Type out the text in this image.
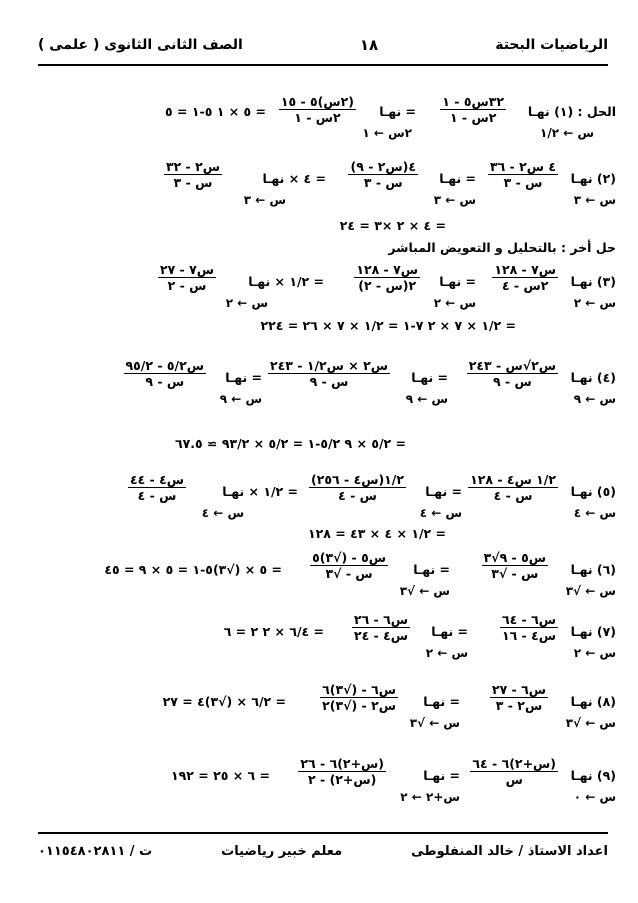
الرياضيات البحتة
١٨
الصف الثانى الثانوى ( علمى )
الحل : (١) نهـا
س ← ١/٢
٣٢س٥ - ١
٢س - ١
= نهـا
٢س ← ١
(٢س)٥ - ١٥
٢س - ١
= ٥ × ١ ٥-١ = ٥
(٢) نهـا
س ← ٣
٤ س٢ - ٣٦
س - ٣
= نهـا
س ← ٣
٤(س٢ - ٩)
س - ٣
= ٤ × نهـا
س ← ٣
س٢ - ٣٢
س - ٣
= ٤ × ٢ ×٣ = ٢٤
حل أخر : بالتحليل و التعويض المباشر
(٣) نهـا
س ← ٢
س٧ - ١٢٨
٢س - ٤
= نهـا
س ← ٢
س٧ - ١٢٨
٢(س - ٢)
= ١/٢ × نهـا
س ← ٢
س٧ - ٢٧
س - ٢
= ١/٢ × ٧ × ٢ ٧-١ = ١/٢ × ٧ × ٢٦ = ٢٢٤
(٤) نهـا
س ← ٩
س٢√س - ٢٤٣
س - ٩
= نهـا
س ← ٩
س٢ × س١/٢ - ٢٤٣
س - ٩
= نهـا
س ← ٩
س٥/٢ - ٩٥/٢
س - ٩
= ٥/٢ × ٩ ٥/٢-١ = ٥/٢ × ٩٣/٢ ≃ ٦٧.٥
(٥) نهـا
س ← ٤
١/٢ س٤ - ١٢٨
س - ٤
= نهـا
س ← ٤
١/٢(س٤ - ٢٥٦)
س - ٤
= ١/٢ × نهـا
س ← ٤
س٤ - ٤٤
س - ٤
= ١/٢ × ٤ × ٤٣ = ١٢٨
(٦) نهـا
س ← √٣
س٥ - ٩√٣
س - √٣
= نهـا
س ← √٣
س٥ - (√٣)٥
س - √٣
= ٥ × (√٣)٥-١ = ٥ × ٩ = ٤٥
(٧) نهـا
س ← ٢
س٦ - ٦٤
س٤ - ١٦
= نهـا
س ← ٢
س٦ - ٢٦
س٤ - ٢٤
= ٦/٤ × ٢ ٢ = ٦
(٨) نهـا
س ← √٣
س٦ - ٢٧
س٢ - ٣
= نهـا
س ← √٣
س٦ - (√٣)٦
س٢ - (√٣)٢
= ٦/٢ × (√٣)٤ = ٢٧
(٩) نهـا
س ← ٠
(س+٢)٦ - ٦٤
س
= نهـا
س+٢ ← ٢
(س+٢)٦ - ٢٦
(س+٢) - ٢
= ٦ × ٢٥ = ١٩٢
اعداد الاستاذ / خالد المنفلوطى
معلم خبير رياضيات
ت / ٠١١٥٤٨٠٢٨١١
